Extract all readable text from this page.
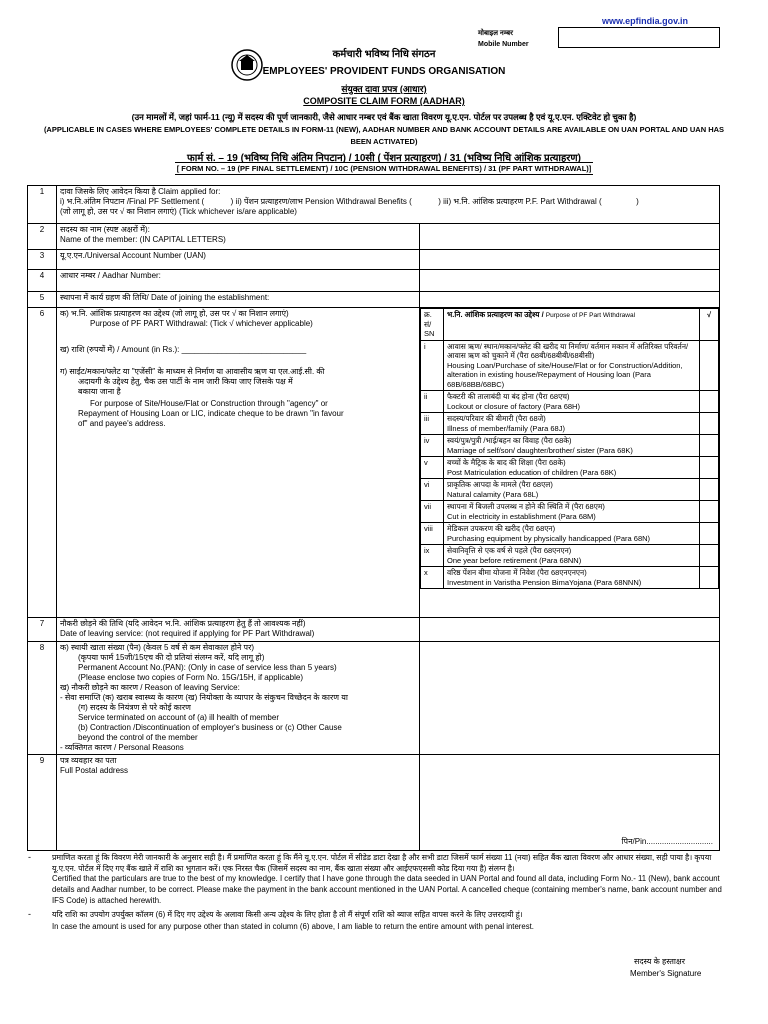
www.epfindia.gov.in
मोबाइल नम्बर
Mobile Number
कर्मचारी भविष्य निधि संगठन
EMPLOYEES' PROVIDENT FUNDS ORGANISATION
संयुक्त दावा प्रपत्र (आधार)
COMPOSITE CLAIM FORM (AADHAR)
(उन मामलों में, जहां फार्म-11 (न्यू) में सदस्य की पूर्ण जानकारी, जैसे आधार नम्बर एवं बैंक खाता विवरण यू.ए.एन. पोर्टल पर उपलब्ध है एवं यू.ए.एन. एक्टिवेट हो चुका है)
(APPLICABLE IN CASES WHERE EMPLOYEES' COMPLETE DETAILS IN FORM-11 (NEW), AADHAR NUMBER AND BANK ACCOUNT DETAILS ARE AVAILABLE ON UAN PORTAL AND UAN HAS BEEN ACTIVATED)
फार्म सं. – 19 (भविष्य निधि अंतिम निपटान) / 10सी ( पेंशन प्रत्याहरण) / 31 (भविष्य निधि आंशिक प्रत्याहरण)
[ FORM NO. – 19 (PF FINAL SETTLEMENT) / 10C (PENSION WITHDRAWAL BENEFITS) / 31 (PF PART WITHDRAWAL)]
1	दावा जिसके लिए आवेदन किया है Claim applied for:
i) भ.नि.अंतिम निपटान /Final PF Settlement (	) ii) पेंशन प्रत्याहरण/लाभ Pension Withdrawal Benefits (	) iii) भ.नि. आंशिक प्रत्याहरण P.F. Part Withdrawal (	)
(जो लागू हो, उस पर √ का निशान लगाएं) (Tick whichever is/are applicable)

2	सदस्य का नाम (स्पष्ट अक्षरों में):
Name of the member: (IN CAPITAL LETTERS)

3	यू.ए.एन./Universal Account Number (UAN)	
4	आधार नम्बर / Aadhar Number:	
5	स्थापना में कार्य ग्रहण की तिथि/ Date of joining the establishment:	
6	क) भ.नि. आंशिक प्रत्याहरण का उद्देश्य (जो लागू हो, उस पर √ का निशान लगाएं)
Purpose of PF PART Withdrawal: (Tick √ whichever applicable)
ख) राशि (रुपयों में) / Amount (in Rs.): ____________________________
ग) साईट/मकान/फ्लेट या "एजेंसी" के माध्यम से निर्माण या आवासीय ऋण या एल.आई.सी. की
अदायगी के उद्देश्य हेतु, चैक उस पार्टी के नाम जारी किया जाए जिसके पक्ष में
बकाया जाना है
For purpose of Site/House/Flat or Construction through "agency" or
Repayment of Housing Loan or LIC, indicate cheque to be drawn "in favour
of" and payee's address.

क्र. सं/ SN	भ.नि. आंशिक प्रत्याहरण का उद्देश्य / Purpose of PF Part Withdrawal	√
i	आवास ऋण/ स्थान/मकान/फ्लेट की खरीद या निर्माण/ वर्तमान मकान में अतिरिक्त परिवर्तन/ आवास ऋण को चुकाने में (पैरा 68बी/68बीबी/68बीसी)
Housing Loan/Purchase of site/House/Flat or for Construction/Addition, alteration in existing house/Repayment of Housing loan (Para 68B/68BB/68BC)

ii	फैक्टरी की तालाबंदी या बंद होना (पैरा 68एच)
Lockout or closure of factory (Para 68H)

iii	सदस्य/परिवार की बीमारी (पैरा 68जे)
Illness of member/family (Para 68J)

iv	स्वयं/पुत्र/पुत्री /भाई/बहन का विवाह (पैरा 68के)
Marriage of self/son/ daughter/brother/ sister (Para 68K)

v	बच्चों के मैट्रिक के बाद की शिक्षा (पैरा 68के)
Post Matriculation education of children (Para 68K)

vi	प्राकृतिक आपदा के मामले (पैरा 68एल)
Natural calamity (Para 68L)

vii	स्थापना में बिजली उपलब्ध न होने की स्थिति में (पैरा 68एम)
Cut in electricity in establishment (Para 68M)

viii	मेडिकल उपकरण की खरीद (पैरा 68एन)
Purchasing equipment by physically handicapped (Para 68N)

ix	सेवानिवृत्ति से एक वर्ष से पहले (पैरा 68एनएन)
One year before retirement (Para 68NN)

x	वरिष्ठ पेंशन बीमा योजना में निवेश (पैरा 68एनएनएन)
Investment in Varistha Pension BimaYojana (Para 68NNN)

7	नौकरी छोड़ने की तिथि (यदि आवेदन भ.नि. आंशिक प्रत्याहरण हेतु हैं तो आवश्यक नहीं)
Date of leaving service: (not required if applying for PF Part Withdrawal)

8	क) स्थायी खाता संख्या (पैन) (केवल 5 वर्ष से कम सेवाकाल होने पर)
(कृपया फार्म 15जी/15एच की दो प्रतियां संलग्न करें, यदि लागू हो)
Permanent Account No.(PAN): (Only in case of service less than 5 years)
(Please enclose two copies of Form No. 15G/15H, if applicable)
ख) नौकरी छोड़ने का कारण / Reason of leaving Service:
- सेवा समाप्ति (क) खराब स्वास्थ्य के कारण (ख) नियोक्ता के व्यापार के संकुचन विच्छेदन के कारण या
(ग) सदस्य के नियंत्रण से परे कोई कारण
Service terminated on account of (a) ill health of member
(b) Contraction /Discontinuation of employer's business or (c) Other Cause
beyond the control of the member
- व्यक्तिगत कारण / Personal Reasons

9	पत्र व्यवहार का पता
Full Postal address

पिन/Pin..............................
-	प्रमाणित करता हूं कि विवरण मेरी जानकारी के अनुसार सही है। मैं प्रमाणित करता हूं कि मैंने यू.ए.एन. पोर्टल में सीडेड डाटा देखा है और सभी डाटा जिसमें फार्म संख्या 11 (नया) सहित बैंक खाता विवरण और आधार संख्या, सही पाया है। कृपया यू.ए.एन. पोर्टल में दिए गए बैंक खाते में राशि का भुगतान करें। एक निरस्त चैक (जिसमें सदस्य का नाम, बैंक खाता संख्या और आईएफएससी कोड दिया गया है) संलग्न है।
Certified that the particulars are true to the best of my knowledge. I certify that I have gone through the data seeded in UAN Portal and found all data, including Form No.- 11 (New), bank account details and Aadhar number, to be correct. Please make the payment in the bank account mentioned in the UAN Portal. A cancelled cheque (containing member's name, bank account number and IFS Code) is attached herewith.
-	यदि राशि का उपयोग उपर्युक्त कॉलम (6) में दिए गए उद्देश्य के अलावा किसी अन्य उद्देश्य के लिए होता है तो मैं संपूर्ण राशि को ब्याज सहित वापस करने के लिए उत्तरदायी हूं।
In case the amount is used for any purpose other than stated in column (6) above, I am liable to return the entire amount with penal interest.
सदस्य के हस्ताक्षर
Member's Signature
